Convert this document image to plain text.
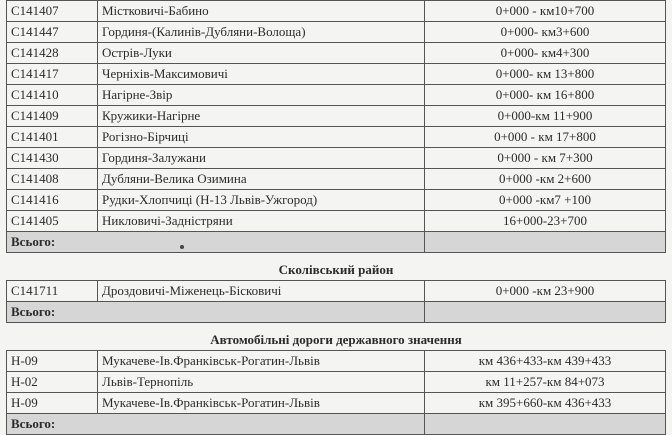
С141407	Містковичі-Бабино	0+000 - км10+700
С141447	Гординя-(Калинів-Дубляни-Волоща)	0+000- км3+600
С141428	Острів-Луки	0+000- км4+300
С141417	Черніхів-Максимовичі	0+000- км 13+800
С141410	Нагірне-Звір	0+000- км 16+800
С141409	Кружики-Нагірне	0+000-км 11+900
С141401	Рогізно-Бірчиці	0+000 - км 17+800
С141430	Гординя-Залужани	0+000 - км 7+300
С141408	Дубляни-Велика Озимина	0+000 -км 2+600
С141416	Рудки-Хлопчиці (Н-13 Львів-Ужгород)	0+000 -км7 +100
С141405	Никловичі-Задністряни	16+000-23+700
Всього:		
Сколівський район
С141711	Дроздовичі-Міженець-Бісковичі	0+000 -км 23+900
Всього:		
Автомобільні дороги державного значення
Н-09	Мукачеве-Ів.Франківськ-Рогатин-Львів	км 436+433-км 439+433
Н-02	Львів-Тернопіль	км 11+257-км 84+073
Н-09	Мукачеве-Ів.Франківськ-Рогатин-Львів	км 395+660-км 436+433
Всього:		
